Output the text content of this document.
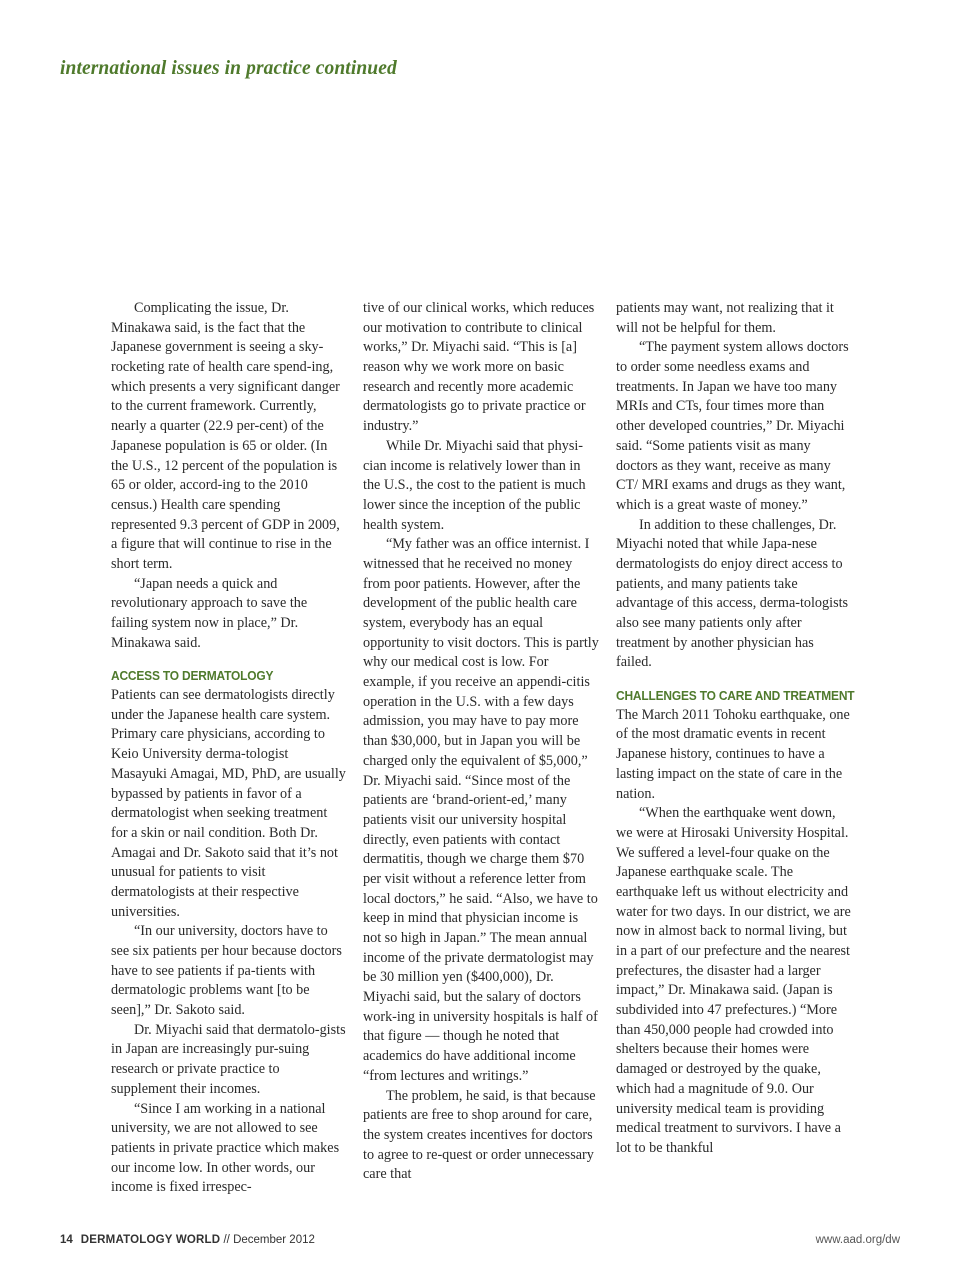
international issues in practice continued

Complicating the issue, Dr. Minakawa said, is the fact that the Japanese government is seeing a sky-rocketing rate of health care spend-ing, which presents a very significant danger to the current framework. Currently, nearly a quarter (22.9 per-cent) of the Japanese population is 65 or older. (In the U.S., 12 percent of the population is 65 or older, accord-ing to the 2010 census.) Health care spending represented 9.3 percent of GDP in 2009, a figure that will continue to rise in the short term.

“Japan needs a quick and revolutionary approach to save the failing system now in place,” Dr. Minakawa said.

ACCESS TO DERMATOLOGY

Patients can see dermatologists directly under the Japanese health care system. Primary care physicians, according to Keio University derma-tologist Masayuki Amagai, MD, PhD, are usually bypassed by patients in favor of a dermatologist when seeking treatment for a skin or nail condition. Both Dr. Amagai and Dr. Sakoto said that it’s not unusual for patients to visit dermatologists at their respective universities.

“In our university, doctors have to see six patients per hour because doctors have to see patients if pa-tients with dermatologic problems want [to be seen],” Dr. Sakoto said.

Dr. Miyachi said that dermatolo-gists in Japan are increasingly pur-suing research or private practice to supplement their incomes.

“Since I am working in a national university, we are not allowed to see patients in private practice which makes our income low. In other words, our income is fixed irrespec-

tive of our clinical works, which reduces our motivation to contribute to clinical works,” Dr. Miyachi said. “This is [a] reason why we work more on basic research and recently more academic dermatologists go to private practice or industry.”

While Dr. Miyachi said that physi-cian income is relatively lower than in the U.S., the cost to the patient is much lower since the inception of the public health system.

“My father was an office internist. I witnessed that he received no money from poor patients. However, after the development of the public health care system, everybody has an equal opportunity to visit doctors. This is partly why our medical cost is low. For example, if you receive an appendi-citis operation in the U.S. with a few days admission, you may have to pay more than $30,000, but in Japan you will be charged only the equivalent of $5,000,” Dr. Miyachi said. “Since most of the patients are ‘brand-orient-ed,’ many patients visit our university hospital directly, even patients with contact dermatitis, though we charge them $70 per visit without a reference letter from local doctors,” he said. “Also, we have to keep in mind that physician income is not so high in Japan.” The mean annual income of the private dermatologist may be 30 million yen ($400,000), Dr. Miyachi said, but the salary of doctors work-ing in university hospitals is half of that figure — though he noted that academics do have additional income “from lectures and writings.”

The problem, he said, is that because patients are free to shop around for care, the system creates incentives for doctors to agree to re-quest or order unnecessary care that

patients may want, not realizing that it will not be helpful for them.

“The payment system allows doctors to order some needless exams and treatments. In Japan we have too many MRIs and CTs, four times more than other developed countries,” Dr. Miyachi said. “Some patients visit as many doctors as they want, receive as many CT/ MRI exams and drugs as they want, which is a great waste of money.”

In addition to these challenges, Dr. Miyachi noted that while Japa-nese dermatologists do enjoy direct access to patients, and many patients take advantage of this access, derma-tologists also see many patients only after treatment by another physician has failed.

CHALLENGES TO CARE AND TREATMENT

The March 2011 Tohoku earthquake, one of the most dramatic events in recent Japanese history, continues to have a lasting impact on the state of care in the nation.

“When the earthquake went down, we were at Hirosaki University Hospital. We suffered a level-four quake on the Japanese earthquake scale. The earthquake left us without electricity and water for two days. In our district, we are now in almost back to normal living, but in a part of our prefecture and the nearest prefectures, the disaster had a larger impact,” Dr. Minakawa said. (Japan is subdivided into 47 prefectures.) “More than 450,000 people had crowded into shelters because their homes were damaged or destroyed by the quake, which had a magnitude of 9.0. Our university medical team is providing medical treatment to survivors. I have a lot to be thankful

14 DERMATOLOGY WORLD // December 2012	www.aad.org/dw
